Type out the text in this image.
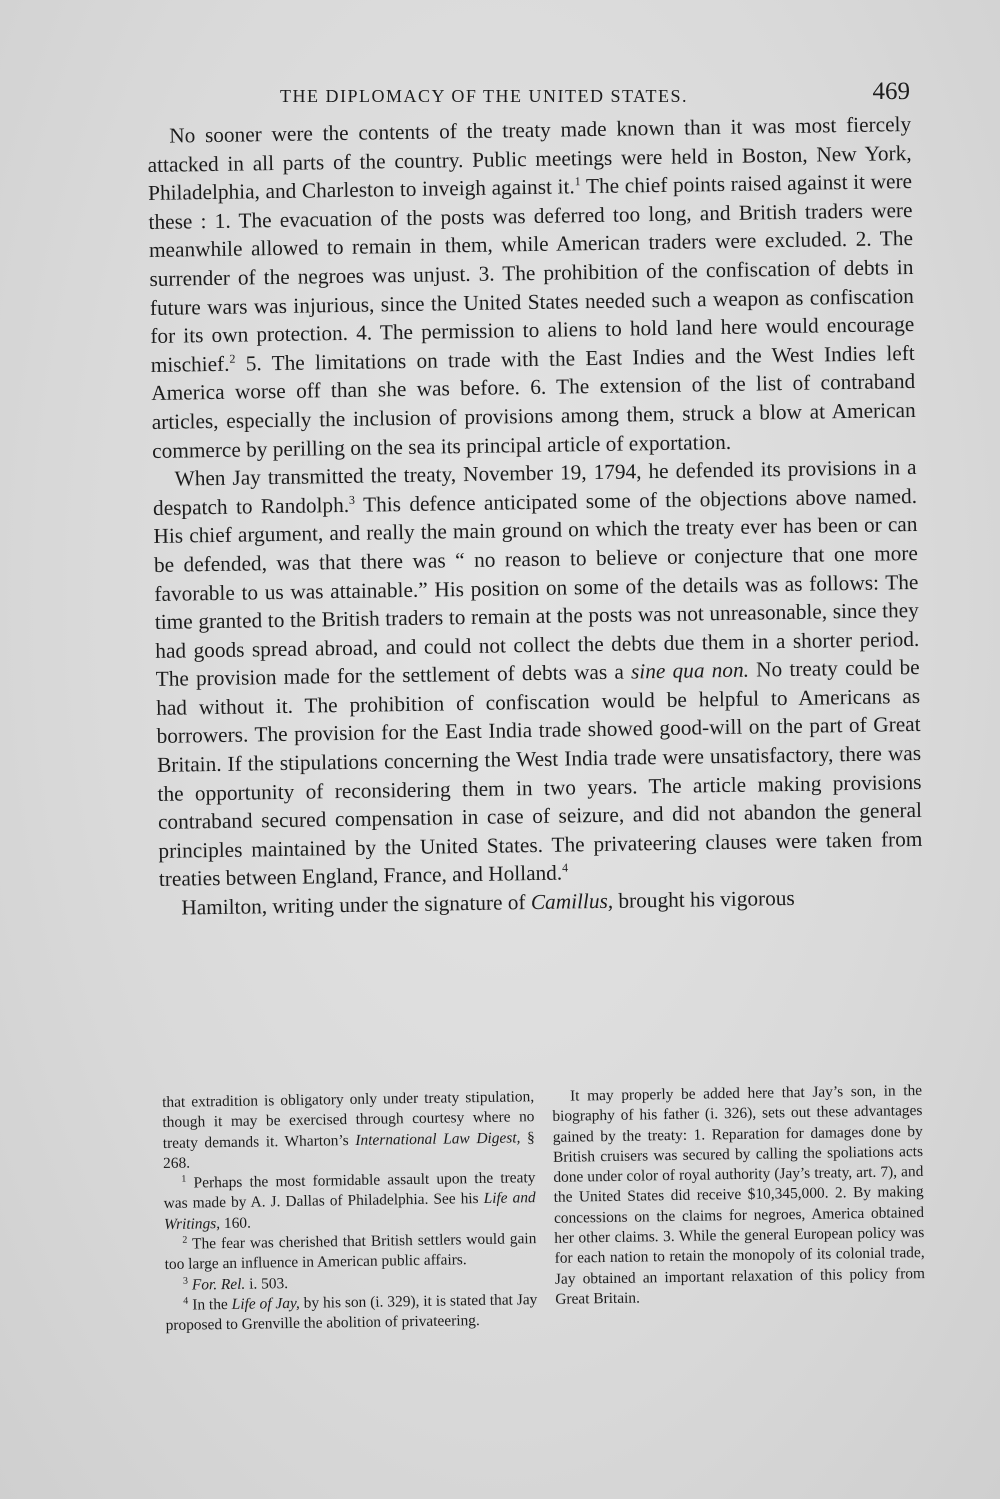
THE DIPLOMACY OF THE UNITED STATES.	469

No sooner were the contents of the treaty made known than it was most fiercely attacked in all parts of the country. Public meetings were held in Boston, New York, Philadelphia, and Charleston to inveigh against it.$^1$ The chief points raised against it were these : 1. The evacuation of the posts was deferred too long, and British traders were meanwhile allowed to remain in them, while American traders were excluded. 2. The surrender of the negroes was unjust. 3. The prohibition of the confiscation of debts in future wars was injurious, since the United States needed such a weapon as confiscation for its own protection. 4. The permission to aliens to hold land here would encourage mischief.$^2$ 5. The limitations on trade with the East Indies and the West Indies left America worse off than she was before. 6. The extension of the list of contraband articles, especially the inclusion of provisions among them, struck a blow at American commerce by perilling on the sea its principal article of exportation.

When Jay transmitted the treaty, November 19, 1794, he defended its provisions in a despatch to Randolph.$^3$ This defence anticipated some of the objections above named. His chief argument, and really the main ground on which the treaty ever has been or can be defended, was that there was “ no reason to believe or conjecture that one more favorable to us was attainable.” His position on some of the details was as follows: The time granted to the British traders to remain at the posts was not unreasonable, since they had goods spread abroad, and could not collect the debts due them in a shorter period. The provision made for the settlement of debts was a sine qua non. No treaty could be had without it. The prohibition of confiscation would be helpful to Americans as borrowers. The provision for the East India trade showed good-will on the part of Great Britain. If the stipulations concerning the West India trade were unsatisfactory, there was the opportunity of reconsidering them in two years. The article making provisions contraband secured compensation in case of seizure, and did not abandon the general principles maintained by the United States. The privateering clauses were taken from treaties between England, France, and Holland.$^4$

Hamilton, writing under the signature of Camillus, brought his vigorous

that extradition is obligatory only under treaty stipulation, though it may be exercised through courtesy where no treaty demands it. Wharton’s International Law Digest, § 268.

$^1$ Perhaps the most formidable assault upon the treaty was made by A. J. Dallas of Philadelphia. See his Life and Writings, 160.

$^2$ The fear was cherished that British settlers would gain too large an influence in American public affairs.

$^3$ For. Rel. i. 503.

$^4$ In the Life of Jay, by his son (i. 329), it is stated that Jay proposed to Grenville the abolition of privateering.

It may properly be added here that Jay’s son, in the biography of his father (i. 326), sets out these advantages gained by the treaty: 1. Reparation for damages done by British cruisers was secured by calling the spoliations acts done under color of royal authority (Jay’s treaty, art. 7), and the United States did receive $10,345,000. 2. By making concessions on the claims for negroes, America obtained her other claims. 3. While the general European policy was for each nation to retain the monopoly of its colonial trade, Jay obtained an important relaxation of this policy from Great Britain.
